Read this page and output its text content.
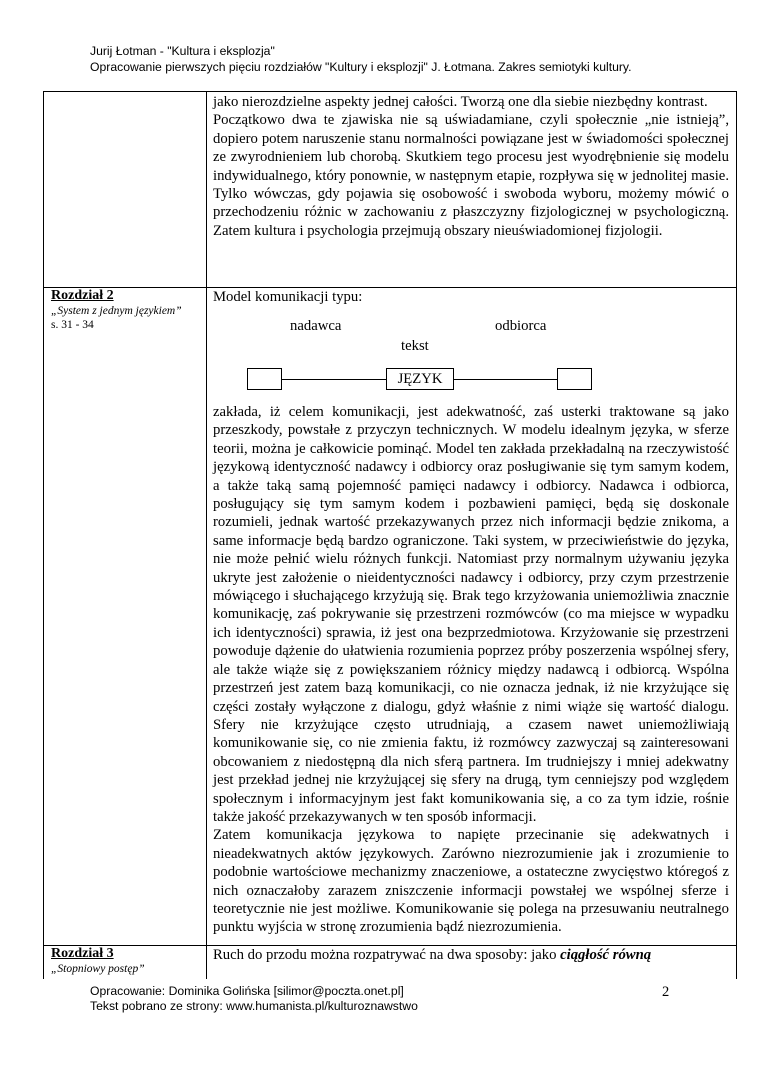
Jurij Łotman - "Kultura i eksplozja"
Opracowanie pierwszych pięciu rozdziałów "Kultury i eksplozji" J. Łotmana. Zakres semiotyki kultury.

jako nierozdzielne aspekty jednej całości. Tworzą one dla siebie niezbędny kontrast.

Początkowo dwa te zjawiska nie są uświadamiane, czyli społecznie „nie istnieją”, dopiero potem naruszenie stanu normalności powiązane jest w świadomości społecznej ze zwyrodnieniem lub chorobą. Skutkiem tego procesu jest wyodrębnienie się modelu indywidualnego, który ponownie, w następnym etapie, rozpływa się w jednolitej masie. Tylko wówczas, gdy pojawia się osobowość i swoboda wyboru, możemy mówić o przechodzeniu różnic w zachowaniu z płaszczyzny fizjologicznej w psychologiczną. Zatem kultura i psychologia przejmują obszary nieuświadomionej fizjologii.

Rozdział 2
„System z jednym językiem”
s. 31 - 34
Model komunikacji typu:
nadawca	odbiorca
tekst
JĘZYK

zakłada, iż celem komunikacji, jest adekwatność, zaś usterki traktowane są jako przeszkody, powstałe z przyczyn technicznych. W modelu idealnym języka, w sferze teorii, można je całkowicie pominąć. Model ten zakłada przekładalną na rzeczywistość językową identyczność nadawcy i odbiorcy oraz posługiwanie się tym samym kodem, a także taką samą pojemność pamięci nadawcy i odbiorcy. Nadawca i odbiorca, posługujący się tym samym kodem i pozbawieni pamięci, będą się doskonale rozumieli, jednak wartość przekazywanych przez nich informacji będzie znikoma, a same informacje będą bardzo ograniczone. Taki system, w przeciwieństwie do języka, nie może pełnić wielu różnych funkcji. Natomiast przy normalnym używaniu języka ukryte jest założenie o nieidentyczności nadawcy i odbiorcy, przy czym przestrzenie mówiącego i słuchającego krzyżują się. Brak tego krzyżowania uniemożliwia znacznie komunikację, zaś pokrywanie się przestrzeni rozmówców (co ma miejsce w wypadku ich identyczności) sprawia, iż jest ona bezprzedmiotowa. Krzyżowanie się przestrzeni powoduje dążenie do ułatwienia rozumienia poprzez próby poszerzenia wspólnej sfery, ale także wiąże się z powiększaniem różnicy między nadawcą i odbiorcą. Wspólna przestrzeń jest zatem bazą komunikacji, co nie oznacza jednak, iż nie krzyżujące się części zostały wyłączone z dialogu, gdyż właśnie z nimi wiąże się wartość dialogu. Sfery nie krzyżujące często utrudniają, a czasem nawet uniemożliwiają komunikowanie się, co nie zmienia faktu, iż rozmówcy zazwyczaj są zainteresowani obcowaniem z niedostępną dla nich sferą partnera. Im trudniejszy i mniej adekwatny jest przekład jednej nie krzyżującej się sfery na drugą, tym cenniejszy pod względem społecznym i informacyjnym jest fakt komunikowania się, a co za tym idzie, rośnie także jakość przekazywanych w ten sposób informacji.

Zatem komunikacja językowa to napięte przecinanie się adekwatnych i nieadekwatnych aktów językowych. Zarówno niezrozumienie jak i zrozumienie to podobnie wartościowe mechanizmy znaczeniowe, a ostateczne zwycięstwo któregoś z nich oznaczałoby zarazem zniszczenie informacji powstałej we wspólnej sferze i teoretycznie nie jest możliwe. Komunikowanie się polega na przesuwaniu neutralnego punktu wyjścia w stronę zrozumienia bądź niezrozumienia.

Rozdział 3
„Stopniowy postęp”
Ruch do przodu można rozpatrywać na dwa sposoby: jako ciągłość równą
Opracowanie: Dominika Golińska [silimor@poczta.onet.pl]
Tekst pobrano ze strony: www.humanista.pl/kulturoznawstwo
2
